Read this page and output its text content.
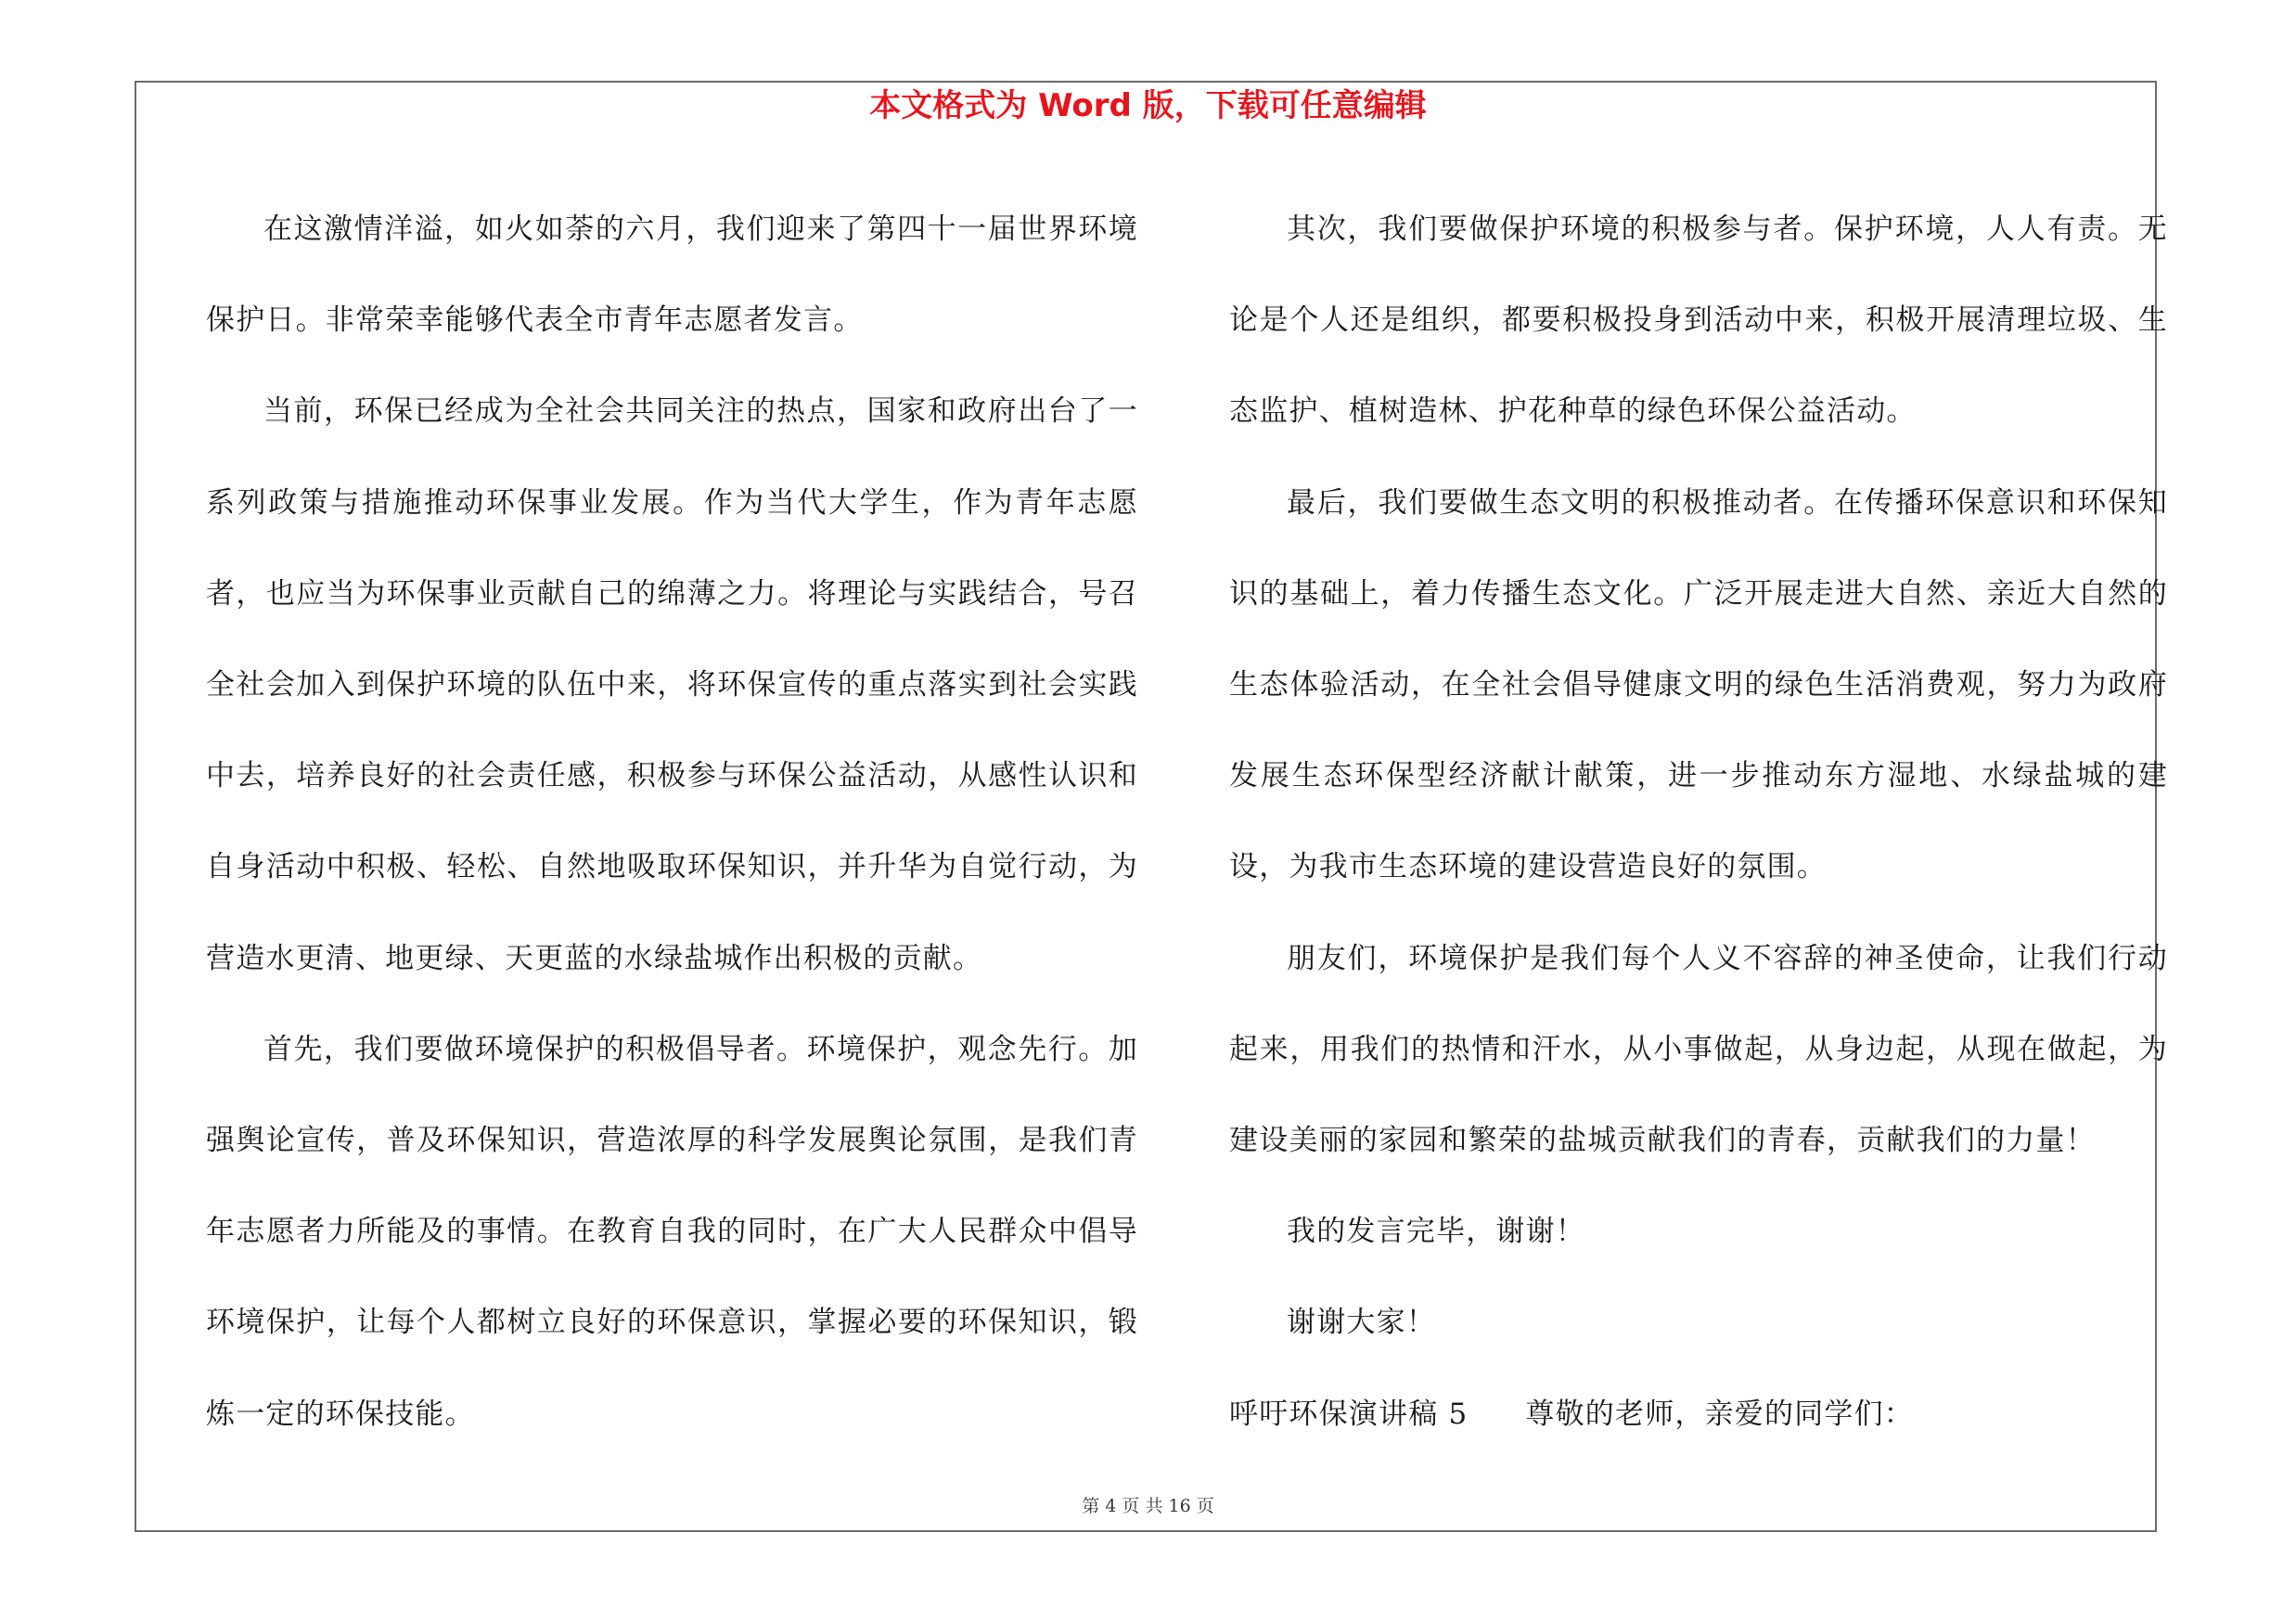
本文格式为 Word 版，下载可任意编辑

在这激情洋溢，如火如荼的六月，我们迎来了第四十一届世界环境保护日。非常荣幸能够代表全市青年志愿者发言。

当前，环保已经成为全社会共同关注的热点，国家和政府出台了一系列政策与措施推动环保事业发展。作为当代大学生，作为青年志愿者，也应当为环保事业贡献自己的绵薄之力。将理论与实践结合，号召全社会加入到保护环境的队伍中来，将环保宣传的重点落实到社会实践中去，培养良好的社会责任感，积极参与环保公益活动，从感性认识和自身活动中积极、轻松、自然地吸取环保知识，并升华为自觉行动，为营造水更清、地更绿、天更蓝的水绿盐城作出积极的贡献。

首先，我们要做环境保护的积极倡导者。环境保护，观念先行。加强舆论宣传，普及环保知识，营造浓厚的科学发展舆论氛围，是我们青年志愿者力所能及的事情。在教育自我的同时，在广大人民群众中倡导环境保护，让每个人都树立良好的环保意识，掌握必要的环保知识，锻炼一定的环保技能。

其次，我们要做保护环境的积极参与者。保护环境，人人有责。无论是个人还是组织，都要积极投身到活动中来，积极开展清理垃圾、生态监护、植树造林、护花种草的绿色环保公益活动。

最后，我们要做生态文明的积极推动者。在传播环保意识和环保知识的基础上，着力传播生态文化。广泛开展走进大自然、亲近大自然的生态体验活动，在全社会倡导健康文明的绿色生活消费观，努力为政府发展生态环保型经济献计献策，进一步推动东方湿地、水绿盐城的建设，为我市生态环境的建设营造良好的氛围。

朋友们，环境保护是我们每个人义不容辞的神圣使命，让我们行动起来，用我们的热情和汗水，从小事做起，从身边起，从现在做起，为建设美丽的家园和繁荣的盐城贡献我们的青春，贡献我们的力量！

我的发言完毕，谢谢！

谢谢大家！

呼吁环保演讲稿 5 尊敬的老师，亲爱的同学们：

第 4 页 共 16 页
